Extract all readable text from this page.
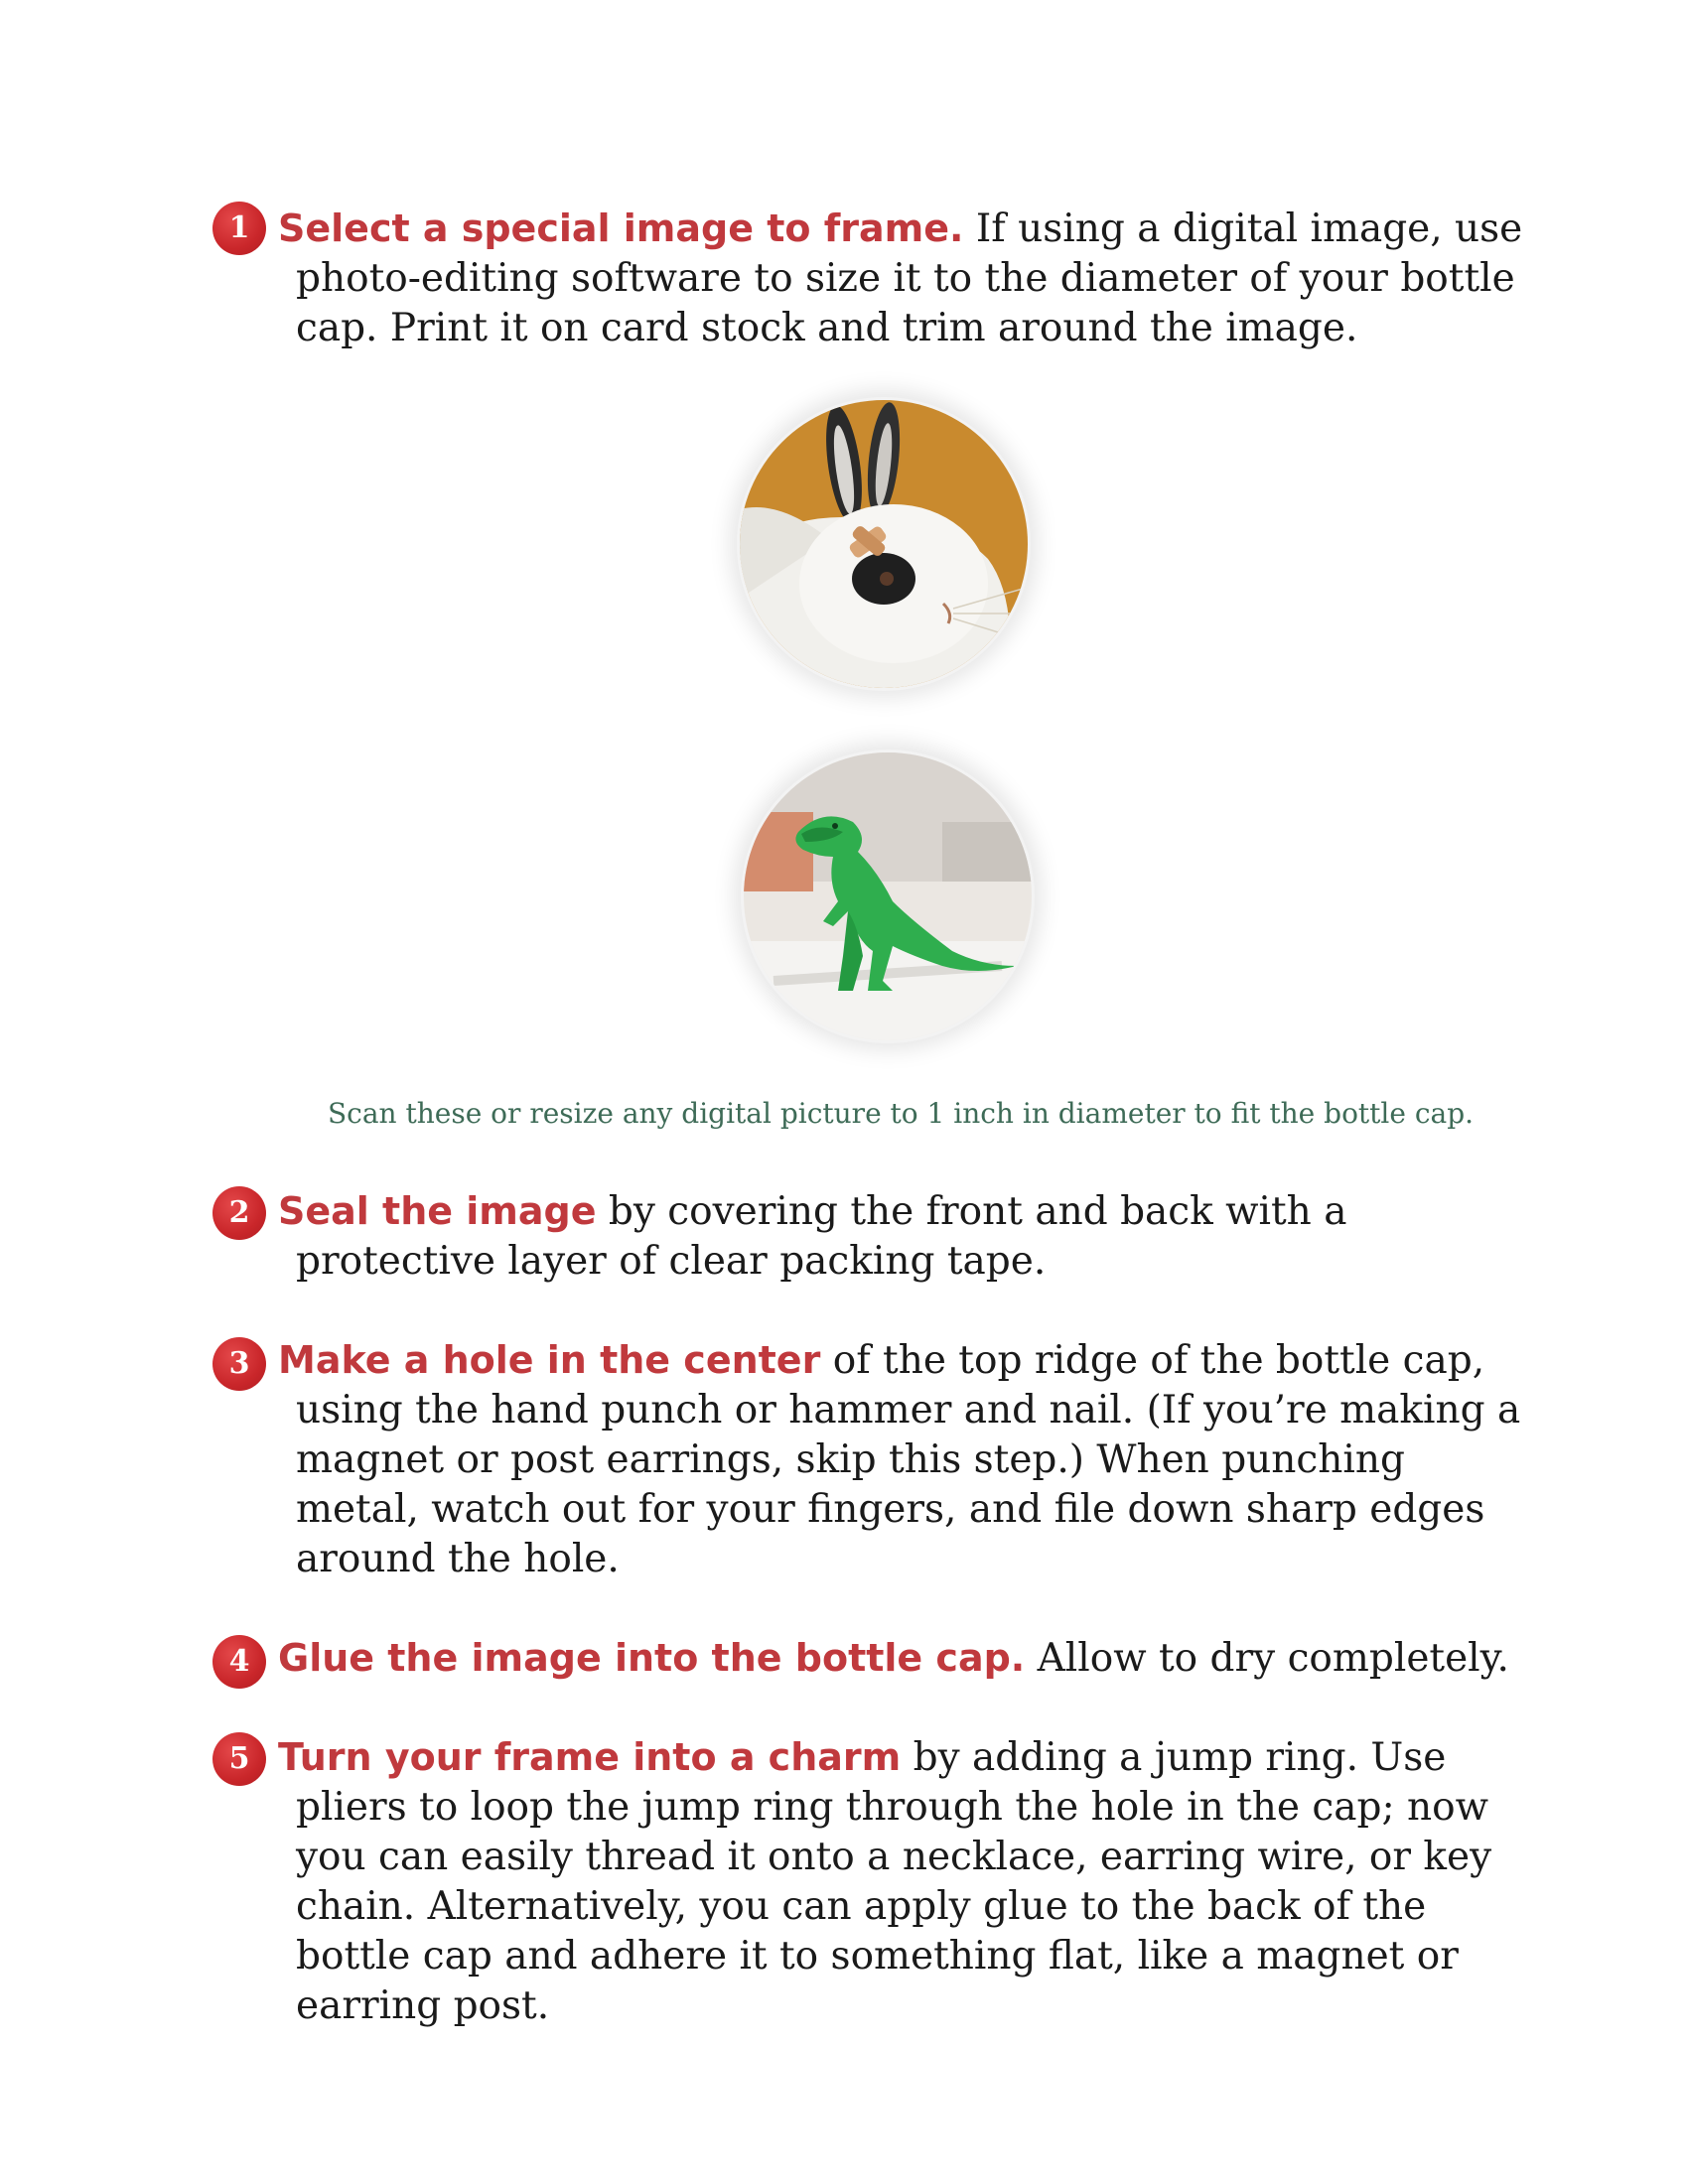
1 Select a special image to frame. If using a digital image, use photo-editing software to size it to the diameter of your bottle cap. Print it on card stock and trim around the image.
Scan these or resize any digital picture to 1 inch in diameter to fit the bottle cap.
2 Seal the image by covering the front and back with a protective layer of clear packing tape.
3 Make a hole in the center of the top ridge of the bottle cap, using the hand punch or hammer and nail. (If you’re making a magnet or post earrings, skip this step.) When punching metal, watch out for your fingers, and file down sharp edges around the hole.
4 Glue the image into the bottle cap. Allow to dry completely.
5 Turn your frame into a charm by adding a jump ring. Use pliers to loop the jump ring through the hole in the cap; now you can easily thread it onto a necklace, earring wire, or key chain. Alternatively, you can apply glue to the back of the bottle cap and adhere it to something flat, like a magnet or earring post.
